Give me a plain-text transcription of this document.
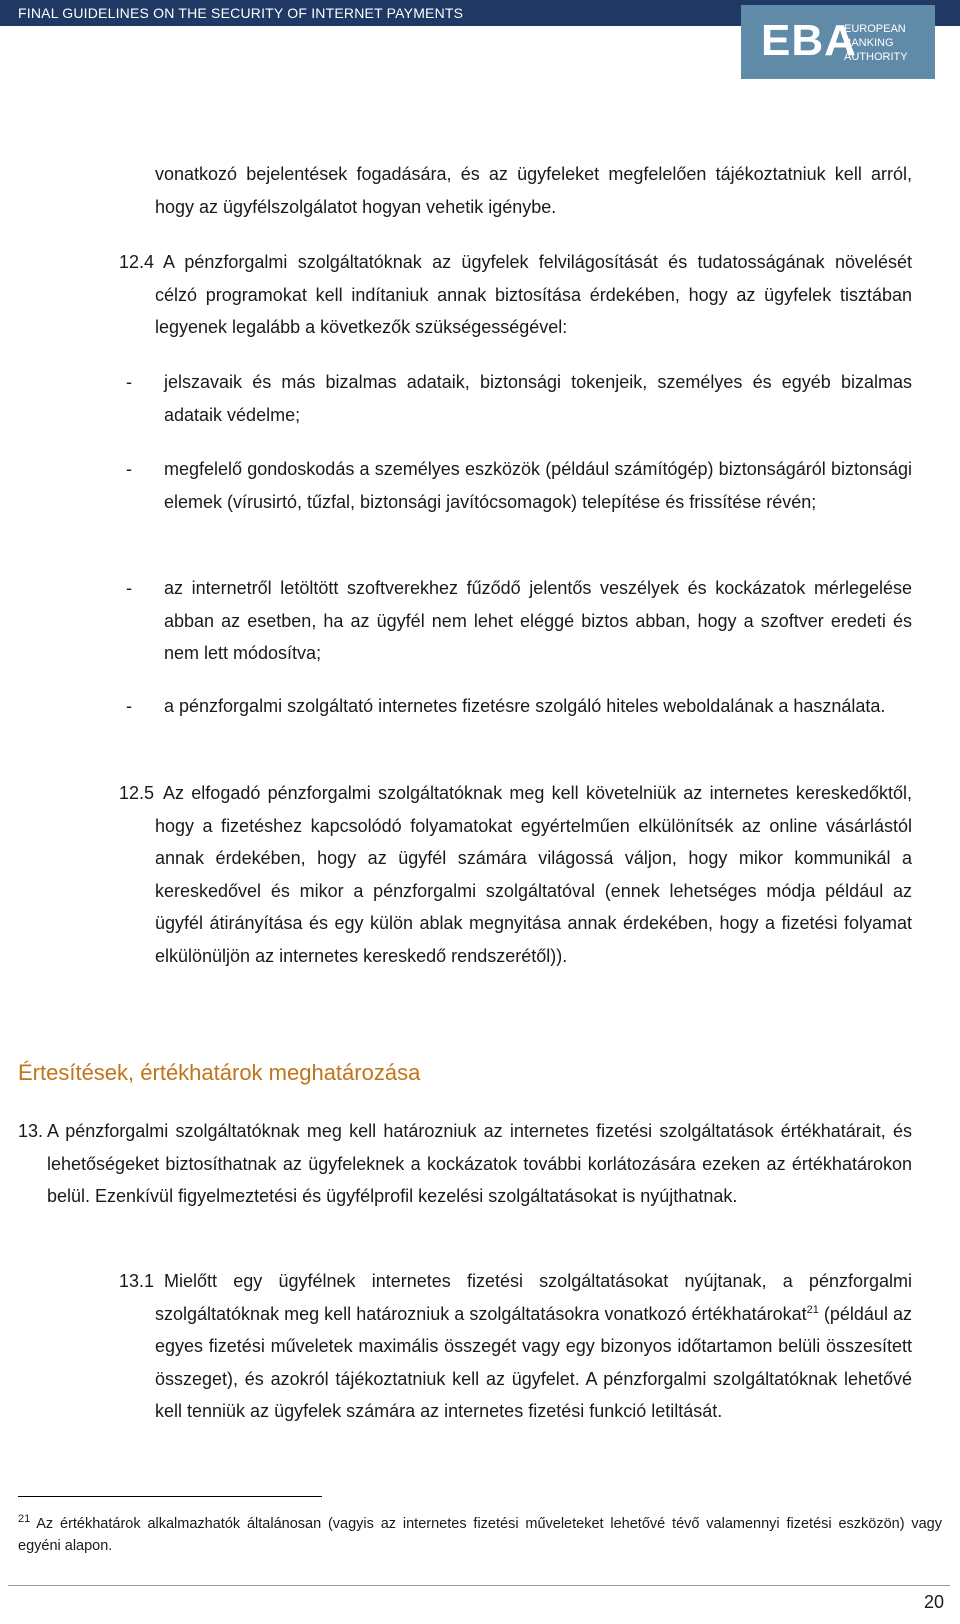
FINAL GUIDELINES ON THE SECURITY OF INTERNET PAYMENTS
EBA
EUROPEAN
BANKING
AUTHORITY

vonatkozó bejelentések fogadására, és az ügyfeleket megfelelően tájékoztatniuk kell arról, hogy az ügyfélszolgálatot hogyan vehetik igénybe.

12.4 A pénzforgalmi szolgáltatóknak az ügyfelek felvilágosítását és tudatosságának növelését célzó programokat kell indítaniuk annak biztosítása érdekében, hogy az ügyfelek tisztában legyenek legalább a következők szükségességével:

- jelszavaik és más bizalmas adataik, biztonsági tokenjeik, személyes és egyéb bizalmas adataik védelme;

- megfelelő gondoskodás a személyes eszközök (például számítógép) biztonságáról biztonsági elemek (vírusirtó, tűzfal, biztonsági javítócsomagok) telepítése és frissítése révén;

- az internetről letöltött szoftverekhez fűződő jelentős veszélyek és kockázatok mérlegelése abban az esetben, ha az ügyfél nem lehet eléggé biztos abban, hogy a szoftver eredeti és nem lett módosítva;

- a pénzforgalmi szolgáltató internetes fizetésre szolgáló hiteles weboldalának a használata.

12.5 Az elfogadó pénzforgalmi szolgáltatóknak meg kell követelniük az internetes kereskedőktől, hogy a fizetéshez kapcsolódó folyamatokat egyértelműen elkülönítsék az online vásárlástól annak érdekében, hogy az ügyfél számára világossá váljon, hogy mikor kommunikál a kereskedővel és mikor a pénzforgalmi szolgáltatóval (ennek lehetséges módja például az ügyfél átirányítása és egy külön ablak megnyitása annak érdekében, hogy a fizetési folyamat elkülönüljön az internetes kereskedő rendszerétől)).

Értesítések, értékhatárok meghatározása
13. A pénzforgalmi szolgáltatóknak meg kell határozniuk az internetes fizetési szolgáltatások értékhatárait, és lehetőségeket biztosíthatnak az ügyfeleknek a kockázatok további korlátozására ezeken az értékhatárokon belül. Ezenkívül figyelmeztetési és ügyfélprofil kezelési szolgáltatásokat is nyújthatnak.

13.1 Mielőtt egy ügyfélnek internetes fizetési szolgáltatásokat nyújtanak, a pénzforgalmi szolgáltatóknak meg kell határozniuk a szolgáltatásokra vonatkozó értékhatárokat$^{21}$ (például az egyes fizetési műveletek maximális összegét vagy egy bizonyos időtartamon belüli összesített összeget), és azokról tájékoztatniuk kell az ügyfelet. A pénzforgalmi szolgáltatóknak lehetővé kell tenniük az ügyfelek számára az internetes fizetési funkció letiltását.

$^{21}$ Az értékhatárok alkalmazhatók általánosan (vagyis az internetes fizetési műveleteket lehetővé tévő valamennyi fizetési eszközön) vagy egyéni alapon.
20
